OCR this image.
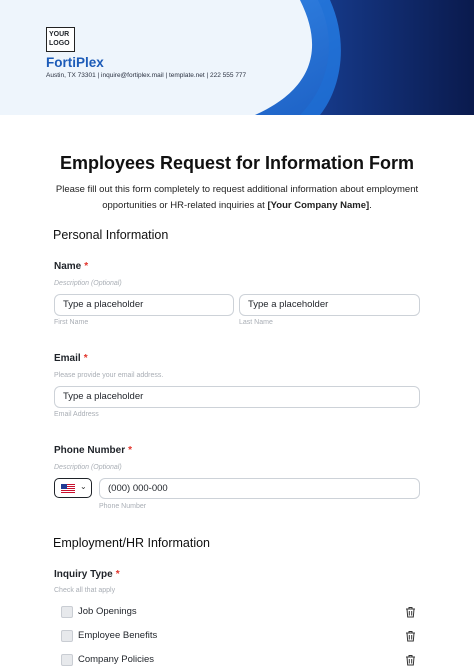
YOUR LOGO
FortiPlex
Austin, TX 73301 | inquire@fortiplex.mail | template.net | 222 555 777
Employees Request for Information Form
Please fill out this form completely to request additional information about employment opportunities or HR-related inquiries at [Your Company Name].
Personal Information
Name *
Description (Optional)
Type a placeholder
First Name
Type a placeholder
Last Name
Email *
Please provide your email address.
Type a placeholder
Email Address
Phone Number *
Description (Optional)
⌄	(000) 000-000
Phone Number
Employment/HR Information
Inquiry Type *
Check all that apply
Job Openings
Employee Benefits
Company Policies
